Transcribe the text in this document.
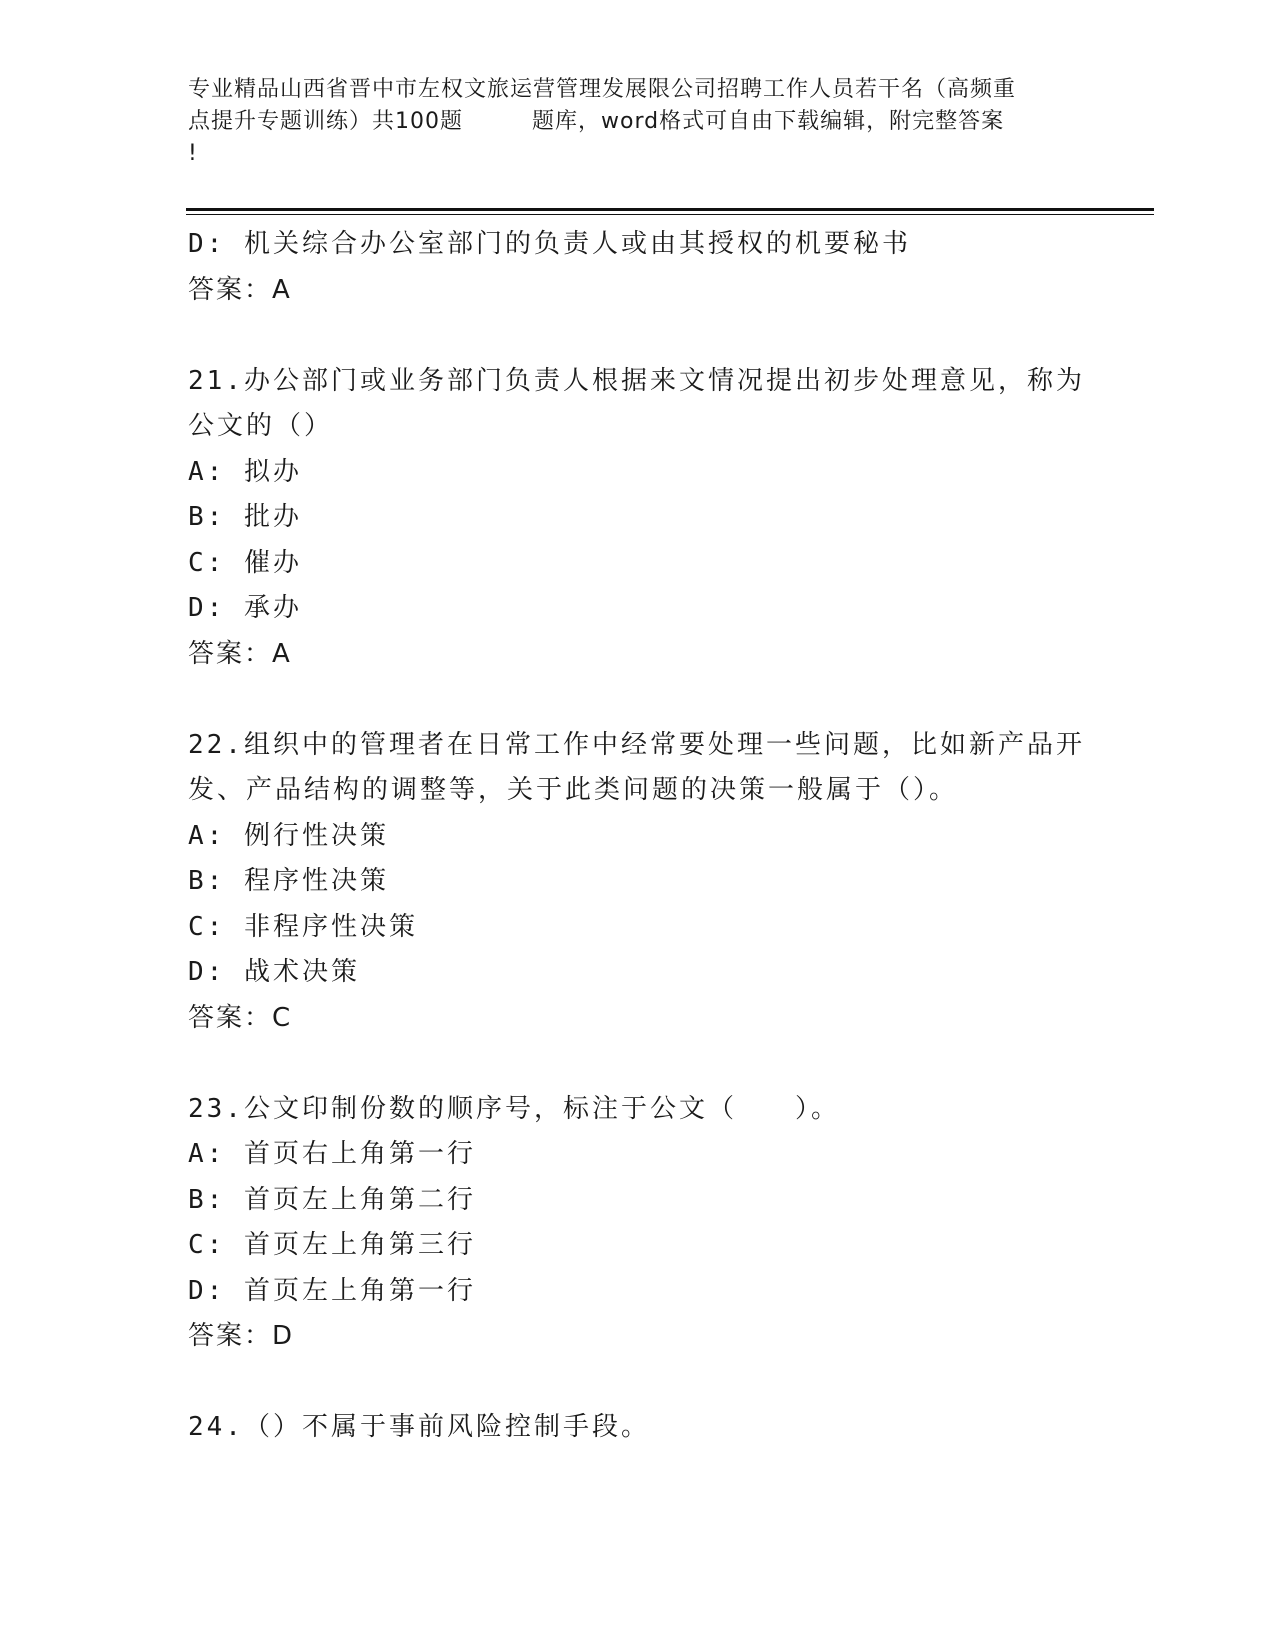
专业精品山西省晋中市左权文旅运营管理发展限公司招聘工作人员若干名（高频重
点提升专题训练）共100题　　　题库，word格式可自由下载编辑，附完整答案
!
D: 机关综合办公室部门的负责人或由其授权的机要秘书
答案：A
21.办公部门或业务部门负责人根据来文情况提出初步处理意见，称为
公文的（）
A: 拟办
B: 批办
C: 催办
D: 承办
答案：A
22.组织中的管理者在日常工作中经常要处理一些问题，比如新产品开
发、产品结构的调整等，关于此类问题的决策一般属于（）。
A: 例行性决策
B: 程序性决策
C: 非程序性决策
D: 战术决策
答案：C
23.公文印制份数的顺序号，标注于公文（　　）。
A: 首页右上角第一行
B: 首页左上角第二行
C: 首页左上角第三行
D: 首页左上角第一行
答案：D
24.（）不属于事前风险控制手段。
